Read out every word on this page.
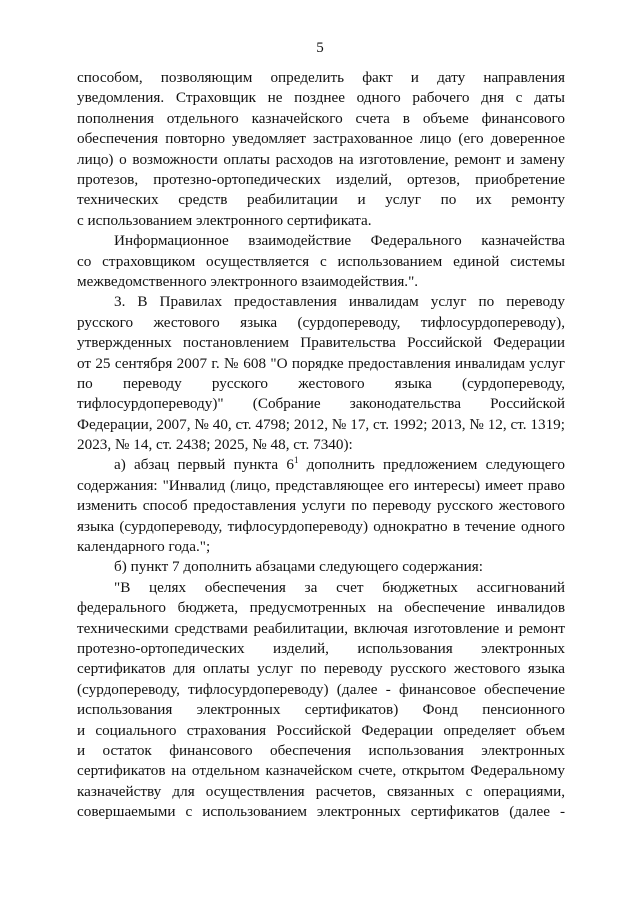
5
способом, позволяющим определить факт и дату направления
уведомления. Страховщик не позднее одного рабочего дня с даты
пополнения отдельного казначейского счета в объеме финансового
обеспечения повторно уведомляет застрахованное лицо (его доверенное
лицо) о возможности оплаты расходов на изготовление, ремонт и замену
протезов, протезно-ортопедических изделий, ортезов, приобретение
технических средств реабилитации и услуг по их ремонту
с использованием электронного сертификата.
Информационное взаимодействие Федерального казначейства
со страховщиком осуществляется с использованием единой системы
межведомственного электронного взаимодействия.".
3. В Правилах предоставления инвалидам услуг по переводу
русского жестового языка (сурдопереводу, тифлосурдопереводу),
утвержденных постановлением Правительства Российской Федерации
от 25 сентября 2007 г. № 608 "О порядке предоставления инвалидам услуг
по переводу русского жестового языка (сурдопереводу,
тифлосурдопереводу)" (Собрание законодательства Российской
Федерации, 2007, № 40, ст. 4798; 2012, № 17, ст. 1992; 2013, № 12, ст. 1319;
2023, № 14, ст. 2438; 2025, № 48, ст. 7340):
а) абзац первый пункта $6^1$ дополнить предложением следующего
содержания: "Инвалид (лицо, представляющее его интересы) имеет право
изменить способ предоставления услуги по переводу русского жестового
языка (сурдопереводу, тифлосурдопереводу) однократно в течение одного
календарного года.";
б) пункт 7 дополнить абзацами следующего содержания:
"В целях обеспечения за счет бюджетных ассигнований
федерального бюджета, предусмотренных на обеспечение инвалидов
техническими средствами реабилитации, включая изготовление и ремонт
протезно-ортопедических изделий, использования электронных
сертификатов для оплаты услуг по переводу русского жестового языка
(сурдопереводу, тифлосурдопереводу) (далее - финансовое обеспечение
использования электронных сертификатов) Фонд пенсионного
и социального страхования Российской Федерации определяет объем
и остаток финансового обеспечения использования электронных
сертификатов на отдельном казначейском счете, открытом Федеральному
казначейству для осуществления расчетов, связанных с операциями,
совершаемыми с использованием электронных сертификатов (далее -
